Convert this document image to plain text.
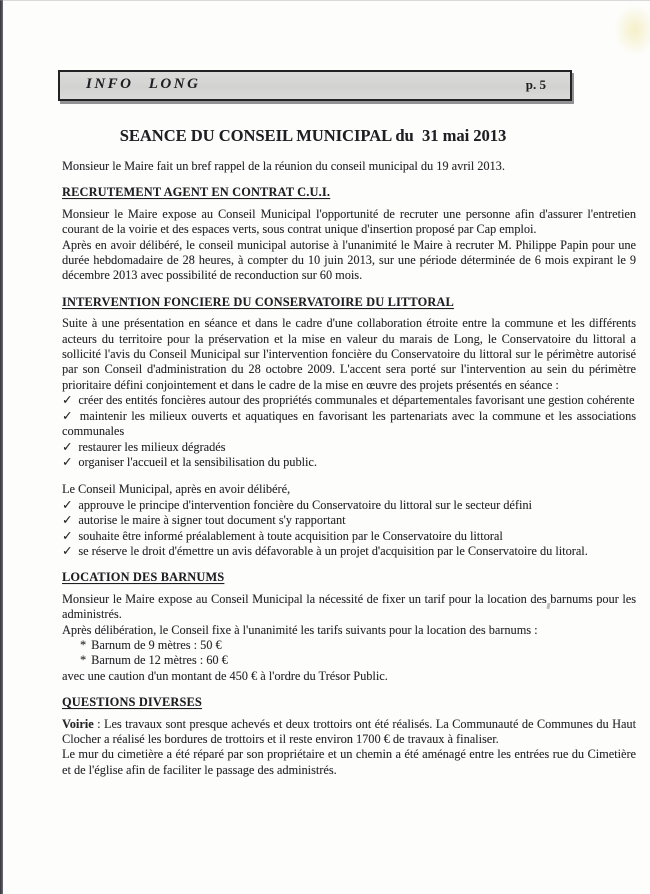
INFO LONG	p. 5
SEANCE DU CONSEIL MUNICIPAL du  31 mai 2013

Monsieur le Maire fait un bref rappel de la réunion du conseil municipal du 19 avril 2013.

RECRUTEMENT AGENT EN CONTRAT C.U.I.

Monsieur le Maire expose au Conseil Municipal l'opportunité de recruter une personne afin d'assurer l'entretien courant de la voirie et des espaces verts, sous contrat unique d'insertion proposé par Cap emploi.

Après en avoir délibéré, le conseil municipal autorise à l'unanimité le Maire à recruter M. Philippe Papin pour une durée hebdomadaire de 28 heures, à compter du 10 juin 2013, sur une période déterminée de 6 mois expirant le 9 décembre 2013 avec possibilité de reconduction sur 60 mois.

INTERVENTION FONCIERE DU CONSERVATOIRE DU LITTORAL

Suite à une présentation en séance et dans le cadre d'une collaboration étroite entre la commune et les différents acteurs du territoire pour la préservation et la mise en valeur du marais de Long, le Conservatoire du littoral a sollicité l'avis du Conseil Municipal sur l'intervention foncière du Conservatoire du littoral sur le périmètre autorisé par son Conseil d'administration du 28 octobre 2009. L'accent sera porté sur l'intervention au sein du périmètre prioritaire défini conjointement et dans le cadre de la mise en œuvre des projets présentés en séance :

✓ créer des entités foncières autour des propriétés communales et départementales favorisant une gestion cohérente
✓ maintenir les milieux ouverts et aquatiques en favorisant les partenariats avec la commune et les associations communales
✓ restaurer les milieux dégradés
✓ organiser l'accueil et la sensibilisation du public.

Le Conseil Municipal, après en avoir délibéré,

✓ approuve le principe d'intervention foncière du Conservatoire du littoral sur le secteur défini
✓ autorise le maire à signer tout document s'y rapportant
✓ souhaite être informé préalablement à toute acquisition par le Conservatoire du littoral
✓ se réserve le droit d'émettre un avis défavorable à un projet d'acquisition par le Conservatoire du litoral.
LOCATION DES BARNUMS

Monsieur le Maire expose au Conseil Municipal la nécessité de fixer un tarif pour la location des barnums pour les administrés.

Après délibération, le Conseil fixe à l'unanimité les tarifs suivants pour la location des barnums :

* Barnum de 9 mètres : 50 €
* Barnum de 12 mètres : 60 €

avec une caution d'un montant de 450 € à l'ordre du Trésor Public.

QUESTIONS DIVERSES

Voirie : Les travaux sont presque achevés et deux trottoirs ont été réalisés. La Communauté de Communes du Haut Clocher a réalisé les bordures de trottoirs et il reste environ 1700 € de travaux à finaliser.

Le mur du cimetière a été réparé par son propriétaire et un chemin a été aménagé entre les entrées rue du Cimetière et de l'église afin de faciliter le passage des administrés.
